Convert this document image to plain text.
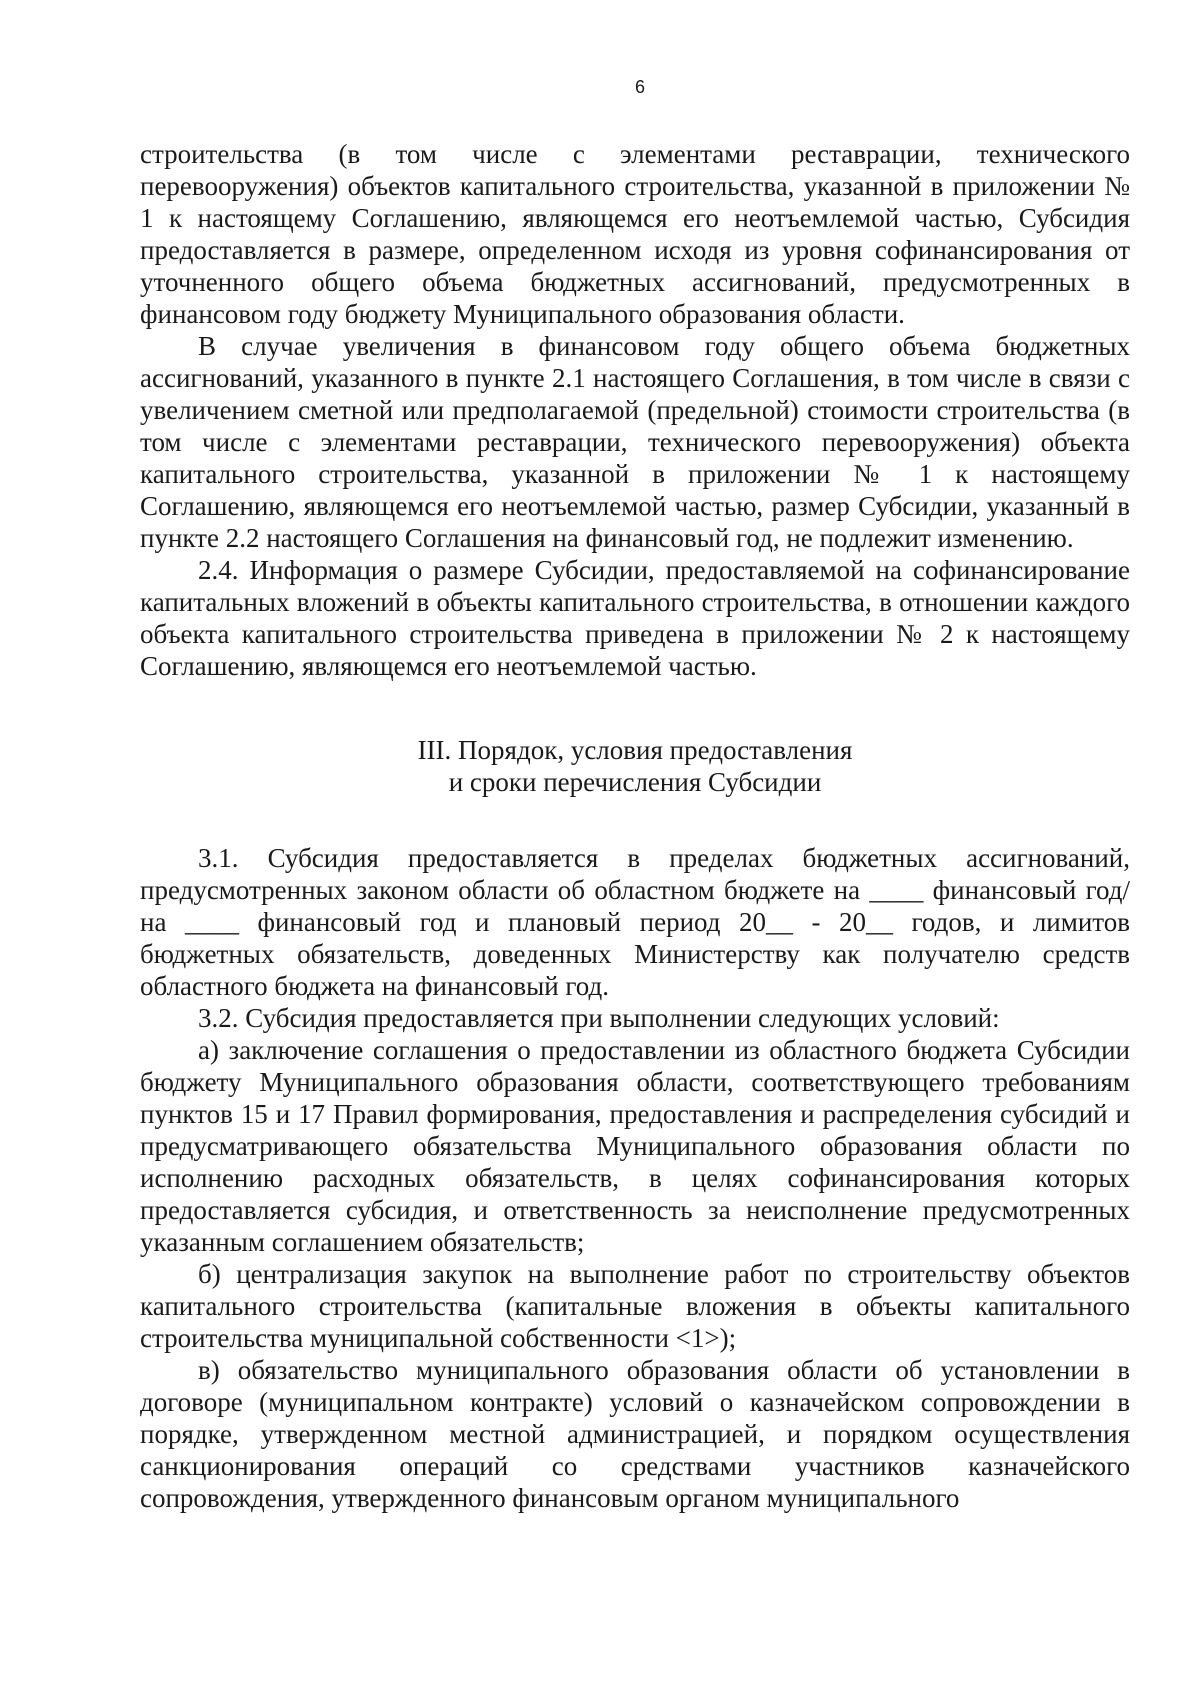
6

строительства (в том числе с элементами реставрации, технического перевооружения) объектов капитального строительства, указанной в приложении № 1 к настоящему Соглашению, являющемся его неотъемлемой частью, Субсидия предоставляется в размере, определенном исходя из уровня софинансирования от уточненного общего объема бюджетных ассигнований, предусмотренных в финансовом году бюджету Муниципального образования области.

В случае увеличения в финансовом году общего объема бюджетных ассигнований, указанного в пункте 2.1 настоящего Соглашения, в том числе в связи с увеличением сметной или предполагаемой (предельной) стоимости строительства (в том числе с элементами реставрации, технического перевооружения) объекта капитального строительства, указанной в приложении № 1 к настоящему Соглашению, являющемся его неотъемлемой частью, размер Субсидии, указанный в пункте 2.2 настоящего Соглашения на финансовый год, не подлежит изменению.

2.4. Информация о размере Субсидии, предоставляемой на софинансирование капитальных вложений в объекты капитального строительства, в отношении каждого объекта капитального строительства приведена в приложении № 2 к настоящему Соглашению, являющемся его неотъемлемой частью.

III. Порядок, условия предоставления
и сроки перечисления Субсидии

3.1. Субсидия предоставляется в пределах бюджетных ассигнований, предусмотренных законом области об областном бюджете на ____ финансовый год/на ____ финансовый год и плановый период 20__ - 20__ годов, и лимитов бюджетных обязательств, доведенных Министерству как получателю средств областного бюджета на финансовый год.

3.2. Субсидия предоставляется при выполнении следующих условий:

а) заключение соглашения о предоставлении из областного бюджета Субсидии бюджету Муниципального образования области, соответствующего требованиям пунктов 15 и 17 Правил формирования, предоставления и распределения субсидий и предусматривающего обязательства Муниципального образования области по исполнению расходных обязательств, в целях софинансирования которых предоставляется субсидия, и ответственность за неисполнение предусмотренных указанным соглашением обязательств;

б) централизация закупок на выполнение работ по строительству объектов капитального строительства (капитальные вложения в объекты капитального строительства муниципальной собственности <1>);

в) обязательство муниципального образования области об установлении в договоре (муниципальном контракте) условий о казначейском сопровождении в порядке, утвержденном местной администрацией, и порядком осуществления санкционирования операций со средствами участников казначейского сопровождения, утвержденного финансовым органом муниципального
